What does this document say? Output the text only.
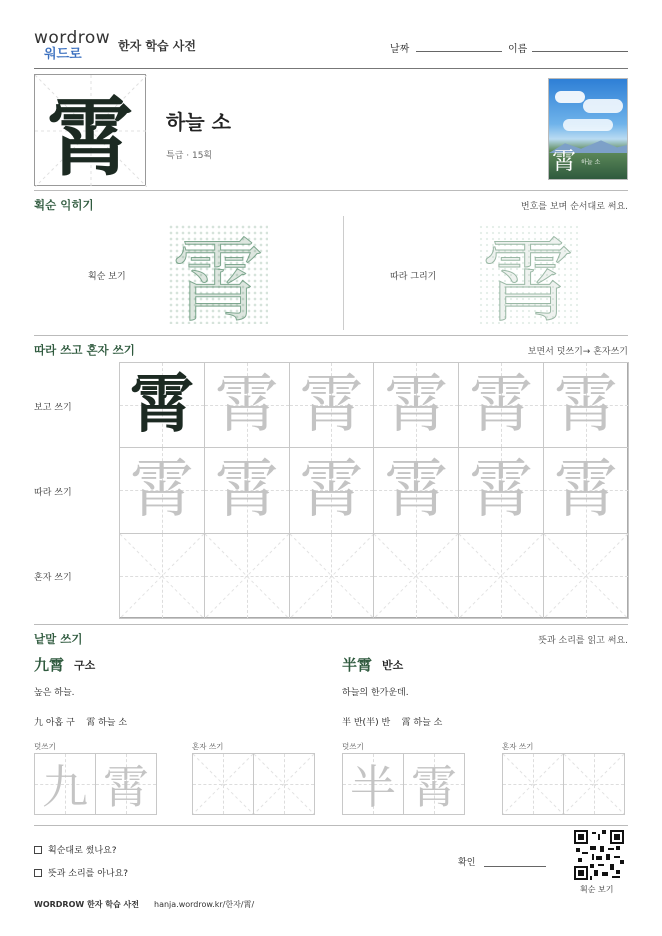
wordrow
워드로
한자 학습 사전	날짜	이름
霄	하늘 소
특급 · 15획	霄 하늘 소
획순 익히기	번호를 보며 순서대로 써요.
획순 보기 霄	따라 그리기 霄
따라 쓰고 혼자 쓰기	보면서 덧쓰기→ 혼자쓰기
보고 쓰기
따라 쓰기
혼자 쓰기
霄 霄 霄 霄 霄 霄
霄 霄 霄 霄 霄 霄
낱말 쓰기	뜻과 소리를 읽고 써요.
九霄 구소
높은 하늘.
九 아홉 구    霄 하늘 소
덧쓰기	혼자 쓰기
九 霄
半霄 반소
하늘의 한가운데.
半 반(半) 반    霄 하늘 소
덧쓰기	혼자 쓰기
半 霄
획순대로 썼나요?
뜻과 소리를 아나요?
확인
획순 보기
WORDROW 한자 학습 사전 hanja.wordrow.kr/한자/霄/
